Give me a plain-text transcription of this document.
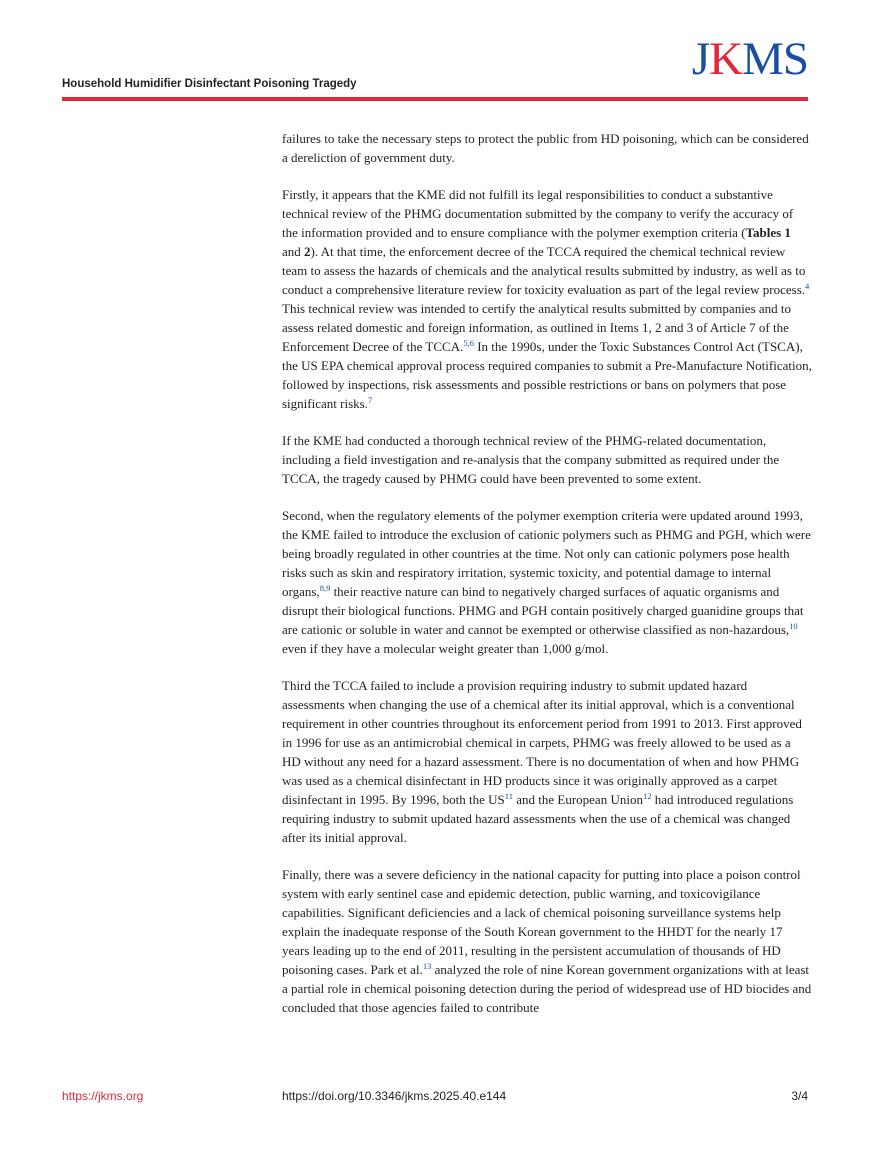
Household Humidifier Disinfectant Poisoning Tragedy	JKMS

failures to take the necessary steps to protect the public from HD poisoning, which can be considered a dereliction of government duty.

Firstly, it appears that the KME did not fulfill its legal responsibilities to conduct a substantive technical review of the PHMG documentation submitted by the company to verify the accuracy of the information provided and to ensure compliance with the polymer exemption criteria (Tables 1 and 2). At that time, the enforcement decree of the TCCA required the chemical technical review team to assess the hazards of chemicals and the analytical results submitted by industry, as well as to conduct a comprehensive literature review for toxicity evaluation as part of the legal review process.$^4$ This technical review was intended to certify the analytical results submitted by companies and to assess related domestic and foreign information, as outlined in Items 1, 2 and 3 of Article 7 of the Enforcement Decree of the TCCA.$^{5,6}$ In the 1990s, under the Toxic Substances Control Act (TSCA), the US EPA chemical approval process required companies to submit a Pre-Manufacture Notification, followed by inspections, risk assessments and possible restrictions or bans on polymers that pose significant risks.$^7$

If the KME had conducted a thorough technical review of the PHMG-related documentation, including a field investigation and re-analysis that the company submitted as required under the TCCA, the tragedy caused by PHMG could have been prevented to some extent.

Second, when the regulatory elements of the polymer exemption criteria were updated around 1993, the KME failed to introduce the exclusion of cationic polymers such as PHMG and PGH, which were being broadly regulated in other countries at the time. Not only can cationic polymers pose health risks such as skin and respiratory irritation, systemic toxicity, and potential damage to internal organs,$^{8,9}$ their reactive nature can bind to negatively charged surfaces of aquatic organisms and disrupt their biological functions. PHMG and PGH contain positively charged guanidine groups that are cationic or soluble in water and cannot be exempted or otherwise classified as non-hazardous,$^{10}$ even if they have a molecular weight greater than 1,000 g/mol.

Third the TCCA failed to include a provision requiring industry to submit updated hazard assessments when changing the use of a chemical after its initial approval, which is a conventional requirement in other countries throughout its enforcement period from 1991 to 2013. First approved in 1996 for use as an antimicrobial chemical in carpets, PHMG was freely allowed to be used as a HD without any need for a hazard assessment. There is no documentation of when and how PHMG was used as a chemical disinfectant in HD products since it was originally approved as a carpet disinfectant in 1995. By 1996, both the US$^{11}$ and the European Union$^{12}$ had introduced regulations requiring industry to submit updated hazard assessments when the use of a chemical was changed after its initial approval.

Finally, there was a severe deficiency in the national capacity for putting into place a poison control system with early sentinel case and epidemic detection, public warning, and toxicovigilance capabilities. Significant deficiencies and a lack of chemical poisoning surveillance systems help explain the inadequate response of the South Korean government to the HHDT for the nearly 17 years leading up to the end of 2011, resulting in the persistent accumulation of thousands of HD poisoning cases. Park et al.$^{13}$ analyzed the role of nine Korean government organizations with at least a partial role in chemical poisoning detection during the period of widespread use of HD biocides and concluded that those agencies failed to contribute

https://jkms.org	https://doi.org/10.3346/jkms.2025.40.e144	3/4
